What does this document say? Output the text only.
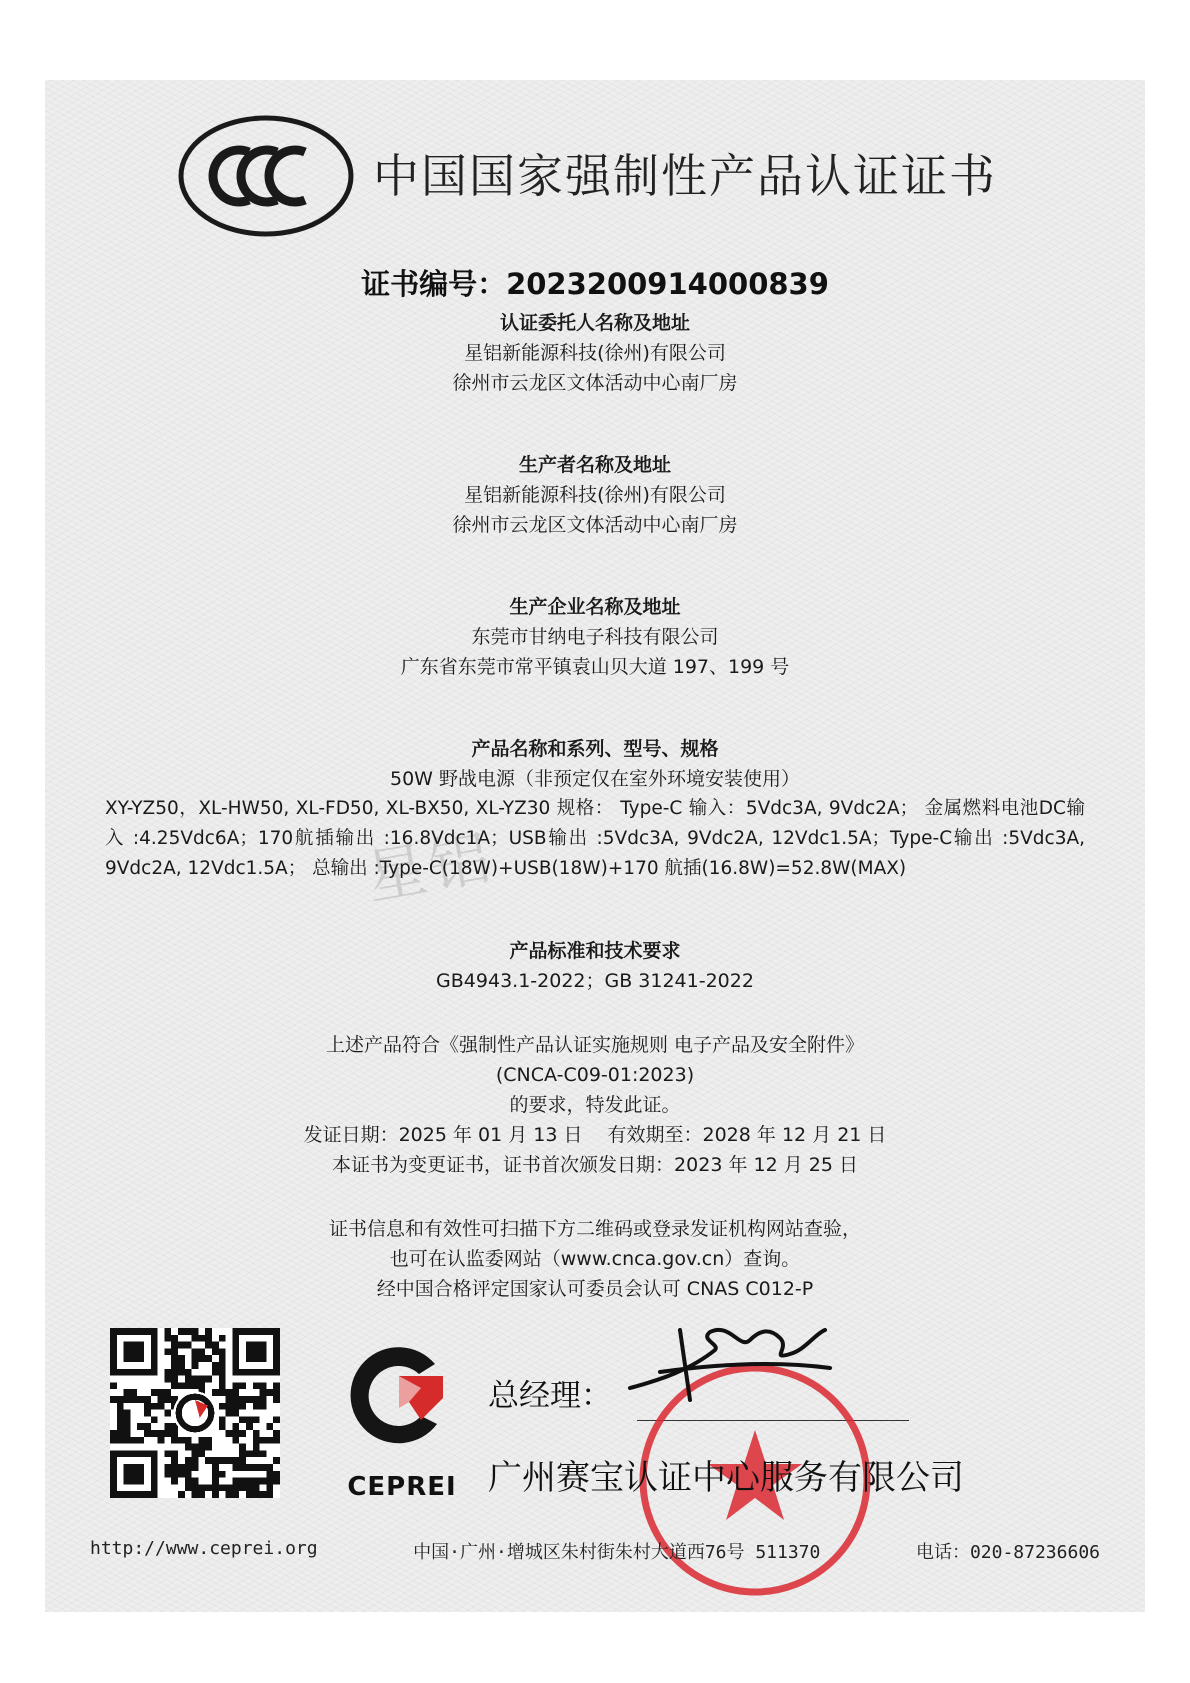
中国国家强制性产品认证证书
证书编号：2023200914000839
星铝
认证委托人名称及地址
星铝新能源科技(徐州)有限公司
徐州市云龙区文体活动中心南厂房
生产者名称及地址
星铝新能源科技(徐州)有限公司
徐州市云龙区文体活动中心南厂房
生产企业名称及地址
东莞市甘纳电子科技有限公司
广东省东莞市常平镇袁山贝大道 197、199 号
产品名称和系列、型号、规格
50W 野战电源（非预定仅在室外环境安装使用）
XY-YZ50，XL-HW50, XL-FD50, XL-BX50, XL-YZ30 规格： Type-C 输入：5Vdc3A, 9Vdc2A； 金属燃料电池DC输入 :4.25Vdc6A；170航插输出 :16.8Vdc1A；USB输出 :5Vdc3A, 9Vdc2A, 12Vdc1.5A；Type-C输出 :5Vdc3A, 9Vdc2A, 12Vdc1.5A； 总输出 :Type-C(18W)+USB(18W)+170 航插(16.8W)=52.8W(MAX)
产品标准和技术要求
GB4943.1-2022；GB 31241-2022
上述产品符合《强制性产品认证实施规则 电子产品及安全附件》
(CNCA-C09-01:2023)
的要求，特发此证。
发证日期：2025 年 01 月 13 日　 有效期至：2028 年 12 月 21 日
本证书为变更证书，证书首次颁发日期：2023 年 12 月 25 日
证书信息和有效性可扫描下方二维码或登录发证机构网站查验，
也可在认监委网站（www.cnca.gov.cn）查询。
经中国合格评定国家认可委员会认可 CNAS C012-P
CEPREI
总经理：
广州赛宝认证中心服务有限公司
http://www.ceprei.org	中国·广州·增城区朱村街朱村大道西76号 511370	电话：020-87236606
